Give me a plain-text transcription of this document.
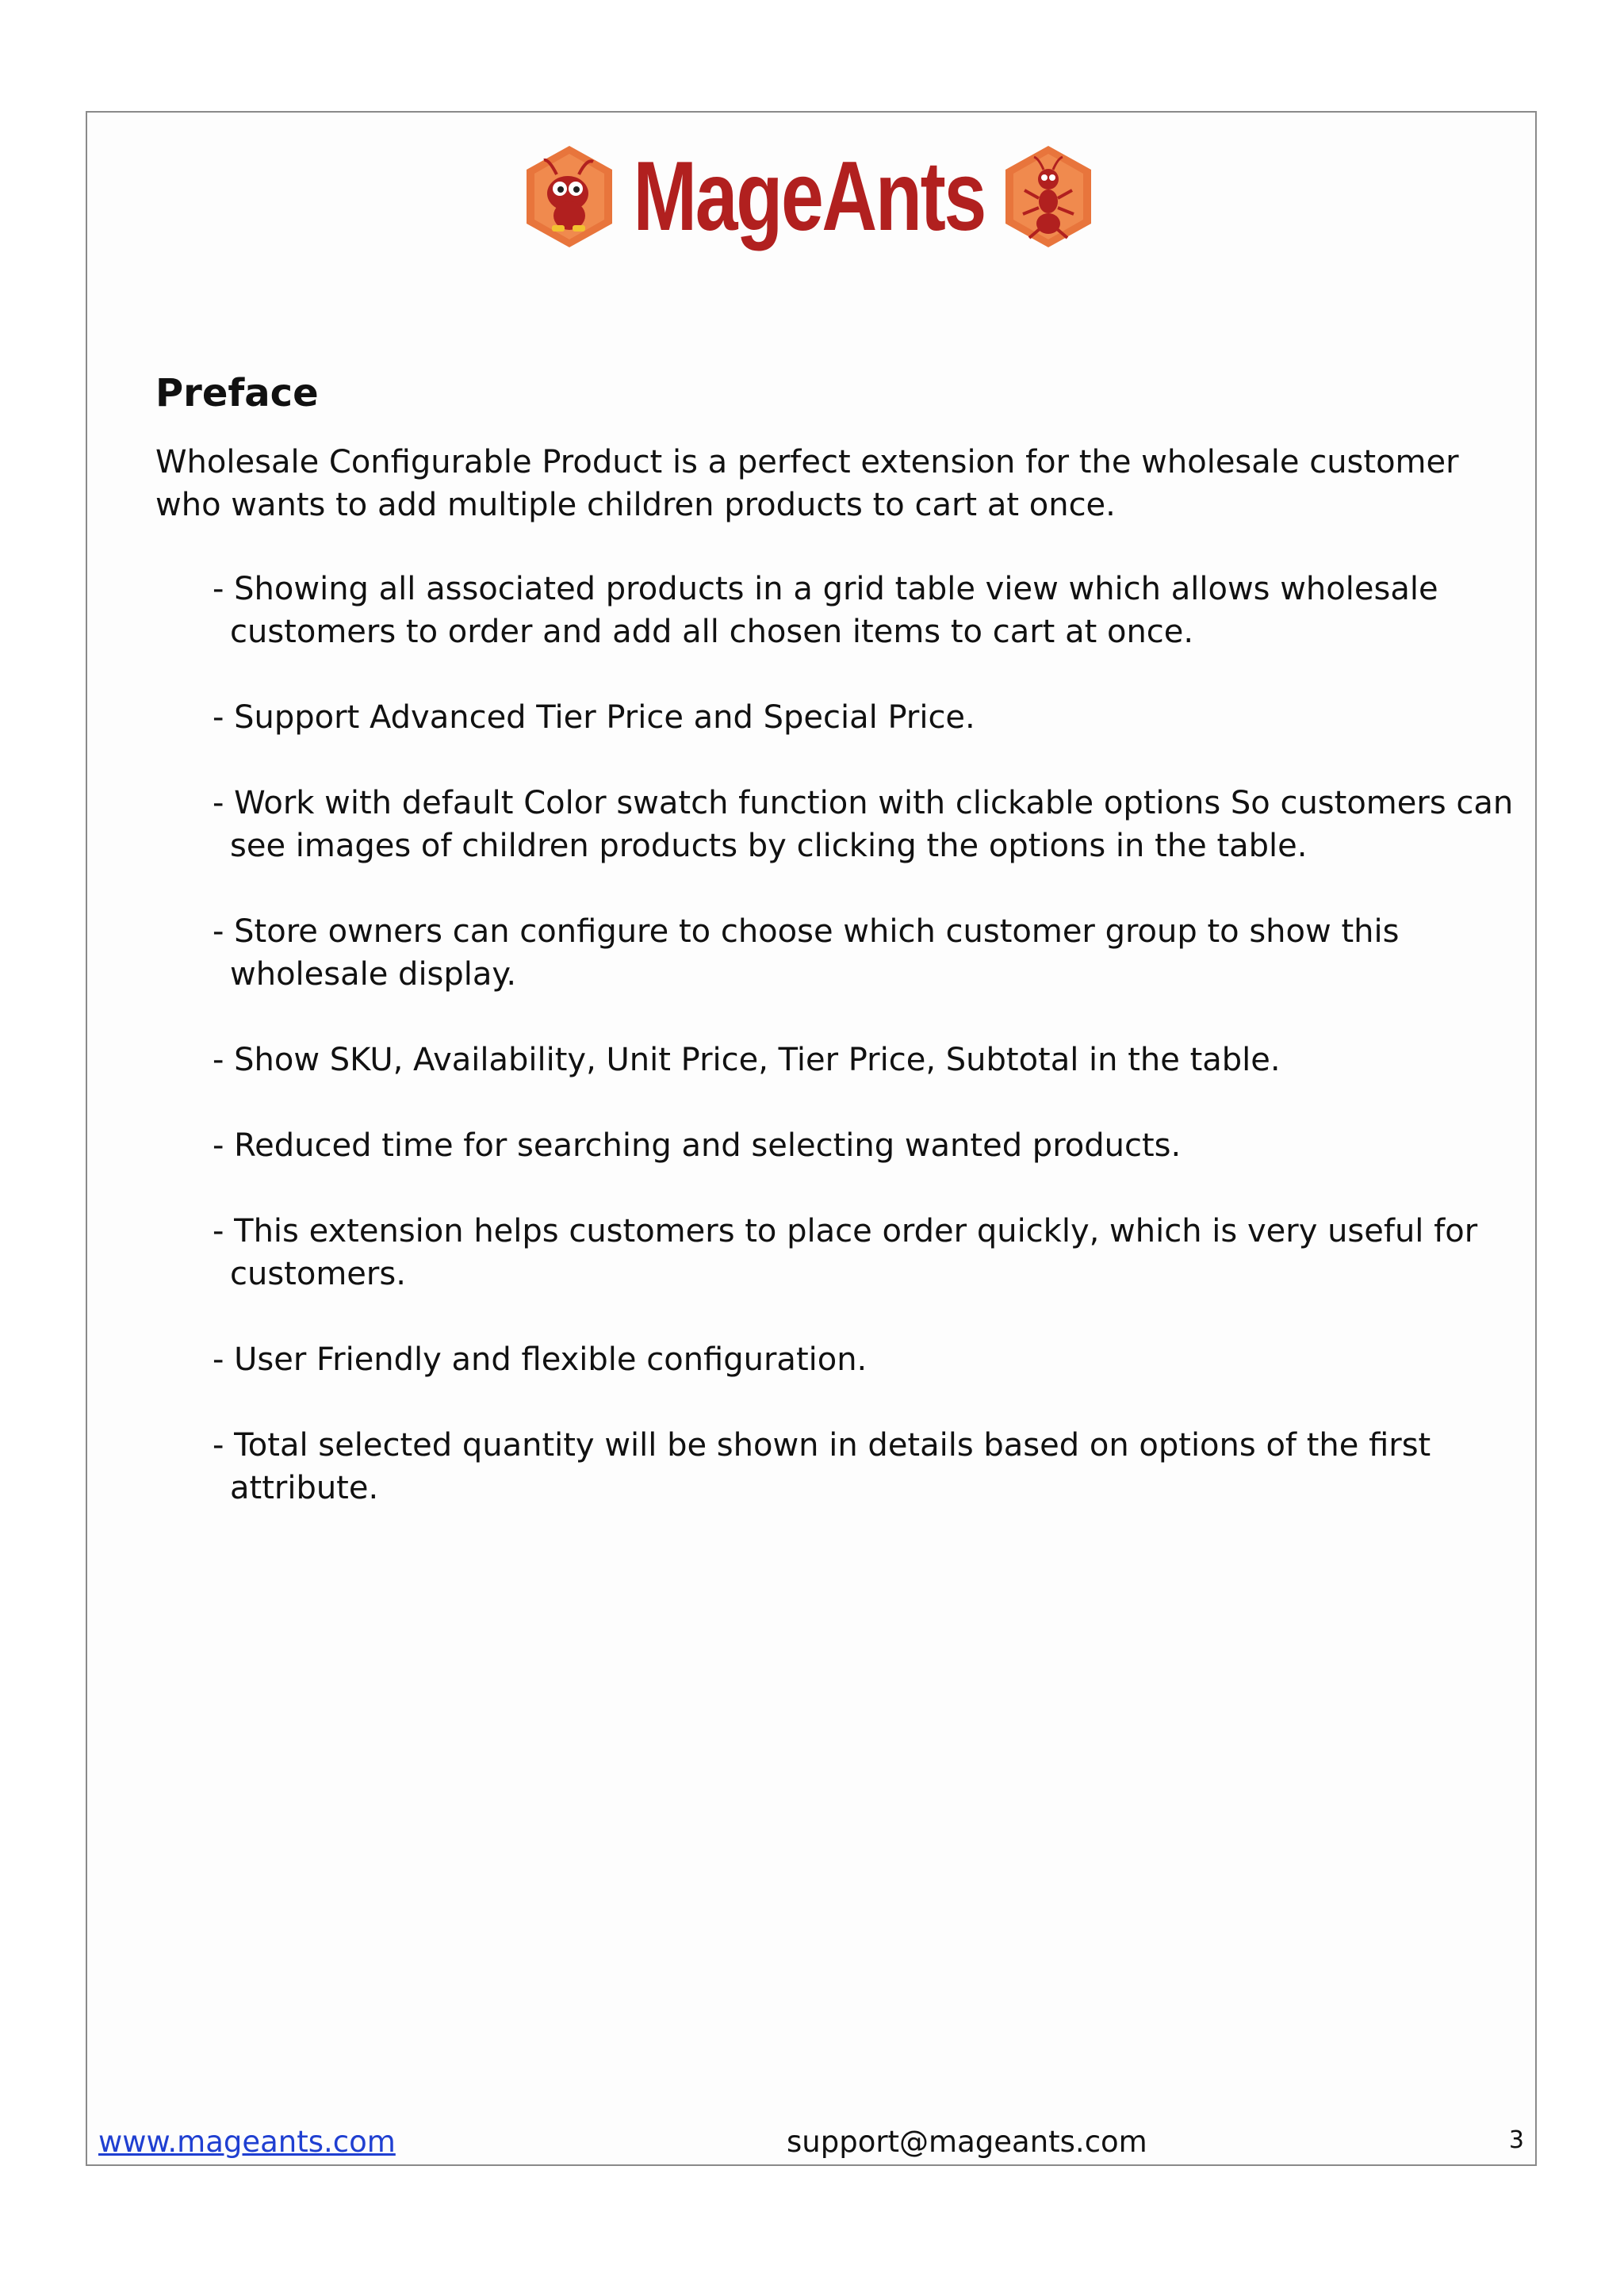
MageAnts
Preface

Wholesale Configurable Product is a perfect extension for the wholesale customer who wants to add multiple children products to cart at once.

- Showing all associated products in a grid table view which allows wholesale customers to order and add all chosen items to cart at once.
- Support Advanced Tier Price and Special Price.
- Work with default Color swatch function with clickable options So customers can see images of children products by clicking the options in the table.
- Store owners can configure to choose which customer group to show this wholesale display.
- Show SKU, Availability, Unit Price, Tier Price, Subtotal in the table.
- Reduced time for searching and selecting wanted products.
- This extension helps customers to place order quickly, which is very useful for customers.
- User Friendly and flexible configuration.
- Total selected quantity will be shown in details based on options of the first attribute.
www.mageants.com	support@mageants.com	3
